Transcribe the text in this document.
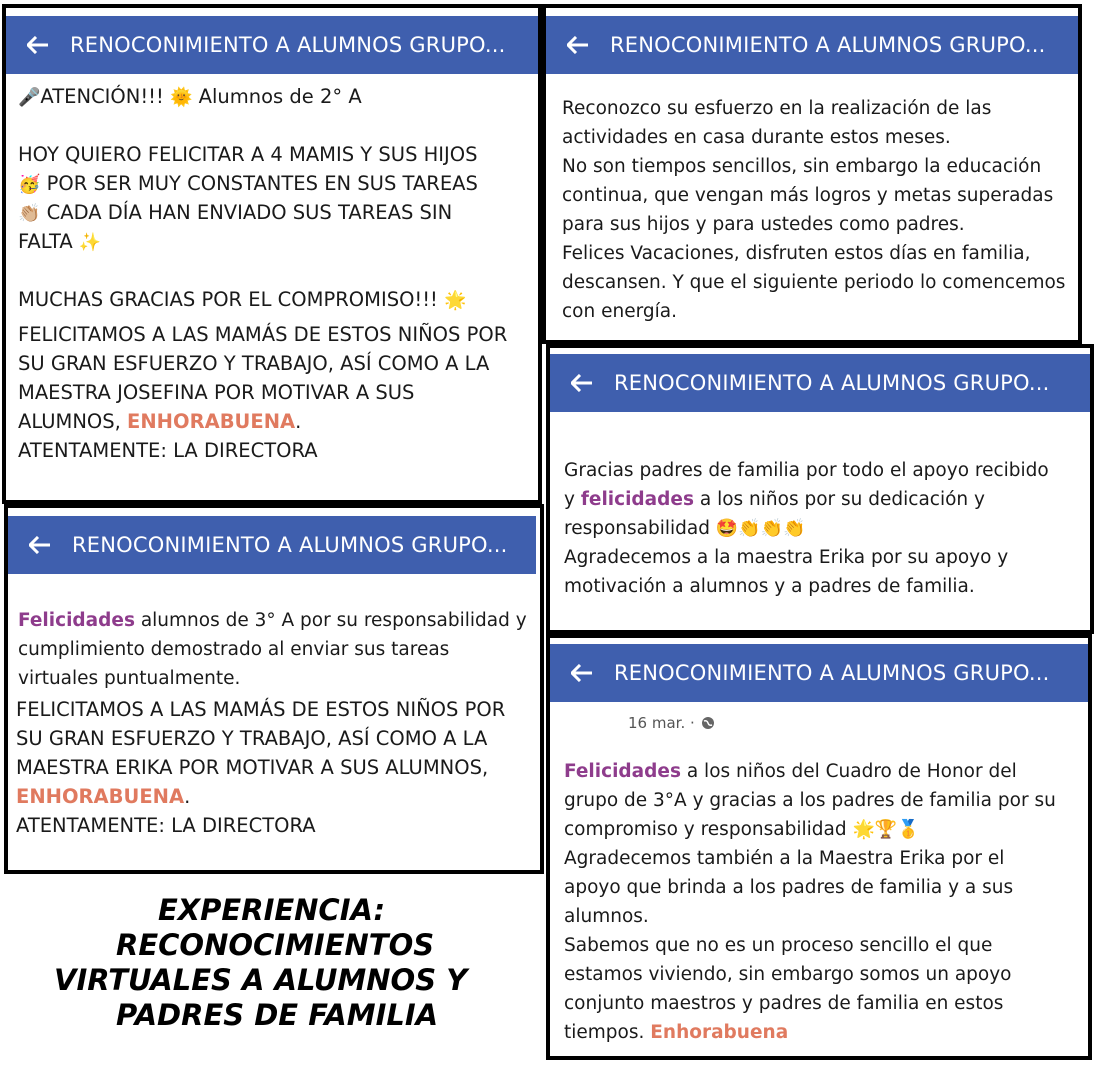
RENOCONIMIENTO A ALUMNOS GRUPO...

🎤ATENCIÓN!!! 🌞 Alumnos de 2° A

HOY QUIERO FELICITAR A 4 MAMIS Y SUS HIJOS

🥳 POR SER MUY CONSTANTES EN SUS TAREAS

👏🏼 CADA DÍA HAN ENVIADO SUS TAREAS SIN

FALTA ✨

MUCHAS GRACIAS POR EL COMPROMISO!!! 🌟

FELICITAMOS A LAS MAMÁS DE ESTOS NIÑOS POR

SU GRAN ESFUERZO Y TRABAJO, ASÍ COMO A LA

MAESTRA JOSEFINA POR MOTIVAR A SUS

ALUMNOS, ENHORABUENA.

ATENTAMENTE: LA DIRECTORA

RENOCONIMIENTO A ALUMNOS GRUPO...

Reconozco su esfuerzo en la realización de las

actividades en casa durante estos meses.

No son tiempos sencillos, sin embargo la educación

continua, que vengan más logros y metas superadas

para sus hijos y para ustedes como padres.

Felices Vacaciones, disfruten estos días en familia,

descansen. Y que el siguiente periodo lo comencemos

con energía.

RENOCONIMIENTO A ALUMNOS GRUPO...

Gracias padres de familia por todo el apoyo recibido

y felicidades a los niños por su dedicación y

responsabilidad 🤩👏👏👏

Agradecemos a la maestra Erika por su apoyo y

motivación a alumnos y a padres de familia.

RENOCONIMIENTO A ALUMNOS GRUPO...

Felicidades alumnos de 3° A por su responsabilidad y

cumplimiento demostrado al enviar sus tareas

virtuales puntualmente.

FELICITAMOS A LAS MAMÁS DE ESTOS NIÑOS POR

SU GRAN ESFUERZO Y TRABAJO, ASÍ COMO A LA

MAESTRA ERIKA POR MOTIVAR A SUS ALUMNOS,

ENHORABUENA.

ATENTAMENTE: LA DIRECTORA

RENOCONIMIENTO A ALUMNOS GRUPO...
16 mar. ·

Felicidades a los niños del Cuadro de Honor del

grupo de 3°A y gracias a los padres de familia por su

compromiso y responsabilidad 🌟🏆🥇

Agradecemos también a la Maestra Erika por el

apoyo que brinda a los padres de familia y a sus

alumnos.

Sabemos que no es un proceso sencillo el que

estamos viviendo, sin embargo somos un apoyo

conjunto maestros y padres de familia en estos

tiempos. Enhorabuena

EXPERIENCIA:
RECONOCIMIENTOS
VIRTUALES A ALUMNOS Y
PADRES DE FAMILIA
